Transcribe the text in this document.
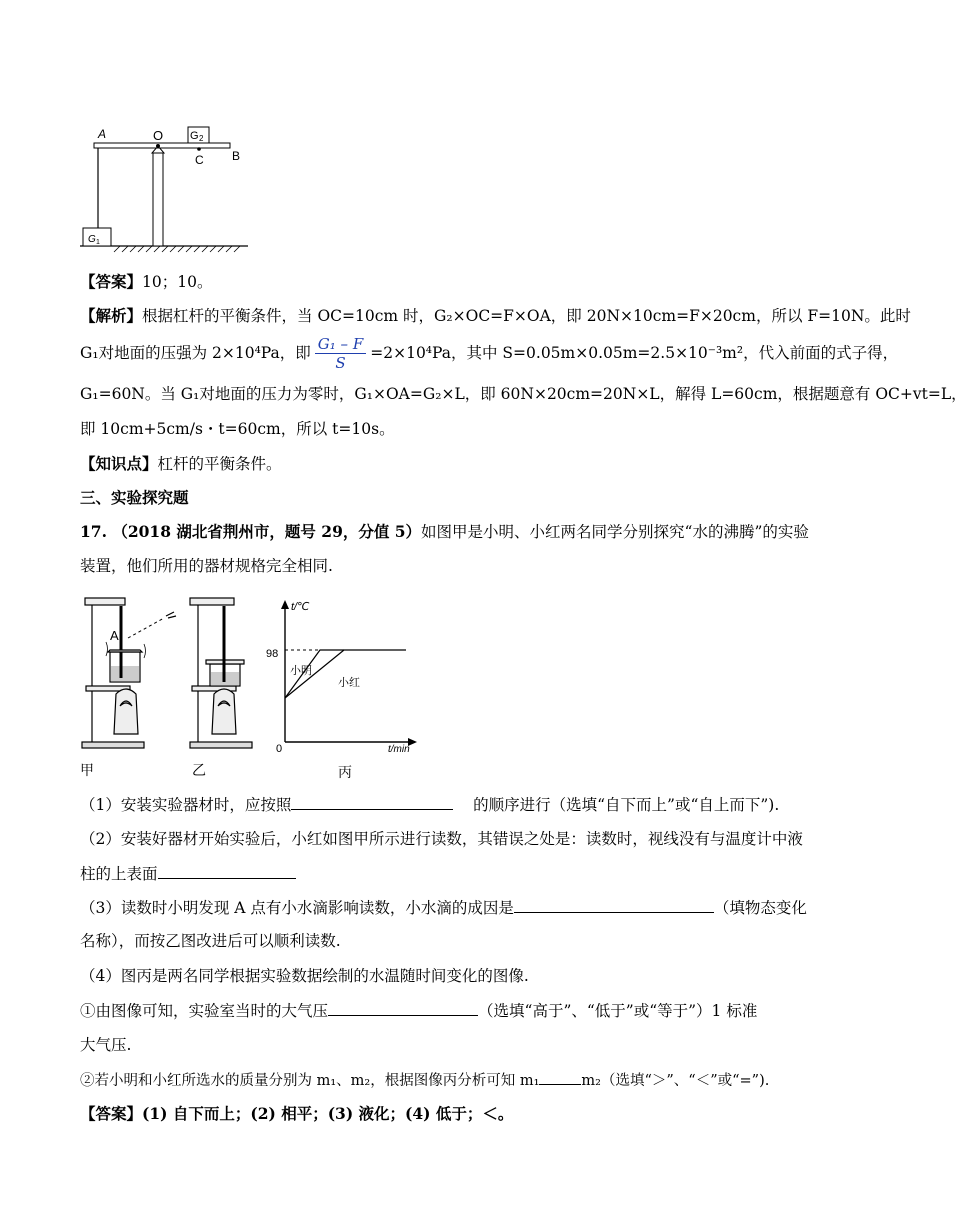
G 1
G 2
A	O
C B
【答案】10；10。
【解析】根据杠杆的平衡条件，当 OC=10cm 时，G₂×OC=F×OA，即 20N×10cm=F×20cm，所以 F=10N。此时
G₁对地面的压强为 2×10⁴Pa，即 $\frac{\text{G₁ – F}}{S} =2\times 10^4Pa$，其中 S=0.05m×0.05m=2.5×10⁻³m²，代入前面的式子得，
G₁=60N。当 G₁对地面的压力为零时，G₁×OA=G₂×L，即 60N×20cm=20N×L，解得 L=60cm，根据题意有 OC+vt=L，
即 10cm+5cm/s・t=60cm，所以 t=10s。
【知识点】杠杆的平衡条件。
三、实验探究题
17. （2018 湖北省荆州市，题号 29，分值 5）如图甲是小明、小红两名同学分别探究“水的沸腾”的实验
装置，他们所用的器材规格完全相同.
A
甲	乙	丙
t/℃
t/min
0
98
小明
小红
（1）安装实验器材时，应按照	的顺序进行（选填“自下而上”或“自上而下”).
（2）安装好器材开始实验后，小红如图甲所示进行读数，其错误之处是：读数时，视线没有与温度计中液
柱的上表面
（3）读数时小明发现 A 点有小水滴影响读数，小水滴的成因是	（填物态变化
名称），而按乙图改进后可以顺利读数.
（4）图丙是两名同学根据实验数据绘制的水温随时间变化的图像.
①由图像可知，实验室当时的大气压	（选填“高于”、“低于”或“等于”）1 标准
大气压.
②若小明和小红所选水的质量分别为 m₁、m₂，根据图像丙分析可知 m₁	m₂（选填“＞”、“＜”或“=”).
【答案】(1) 自下而上；(2) 相平；(3) 液化；(4) 低于；＜。
